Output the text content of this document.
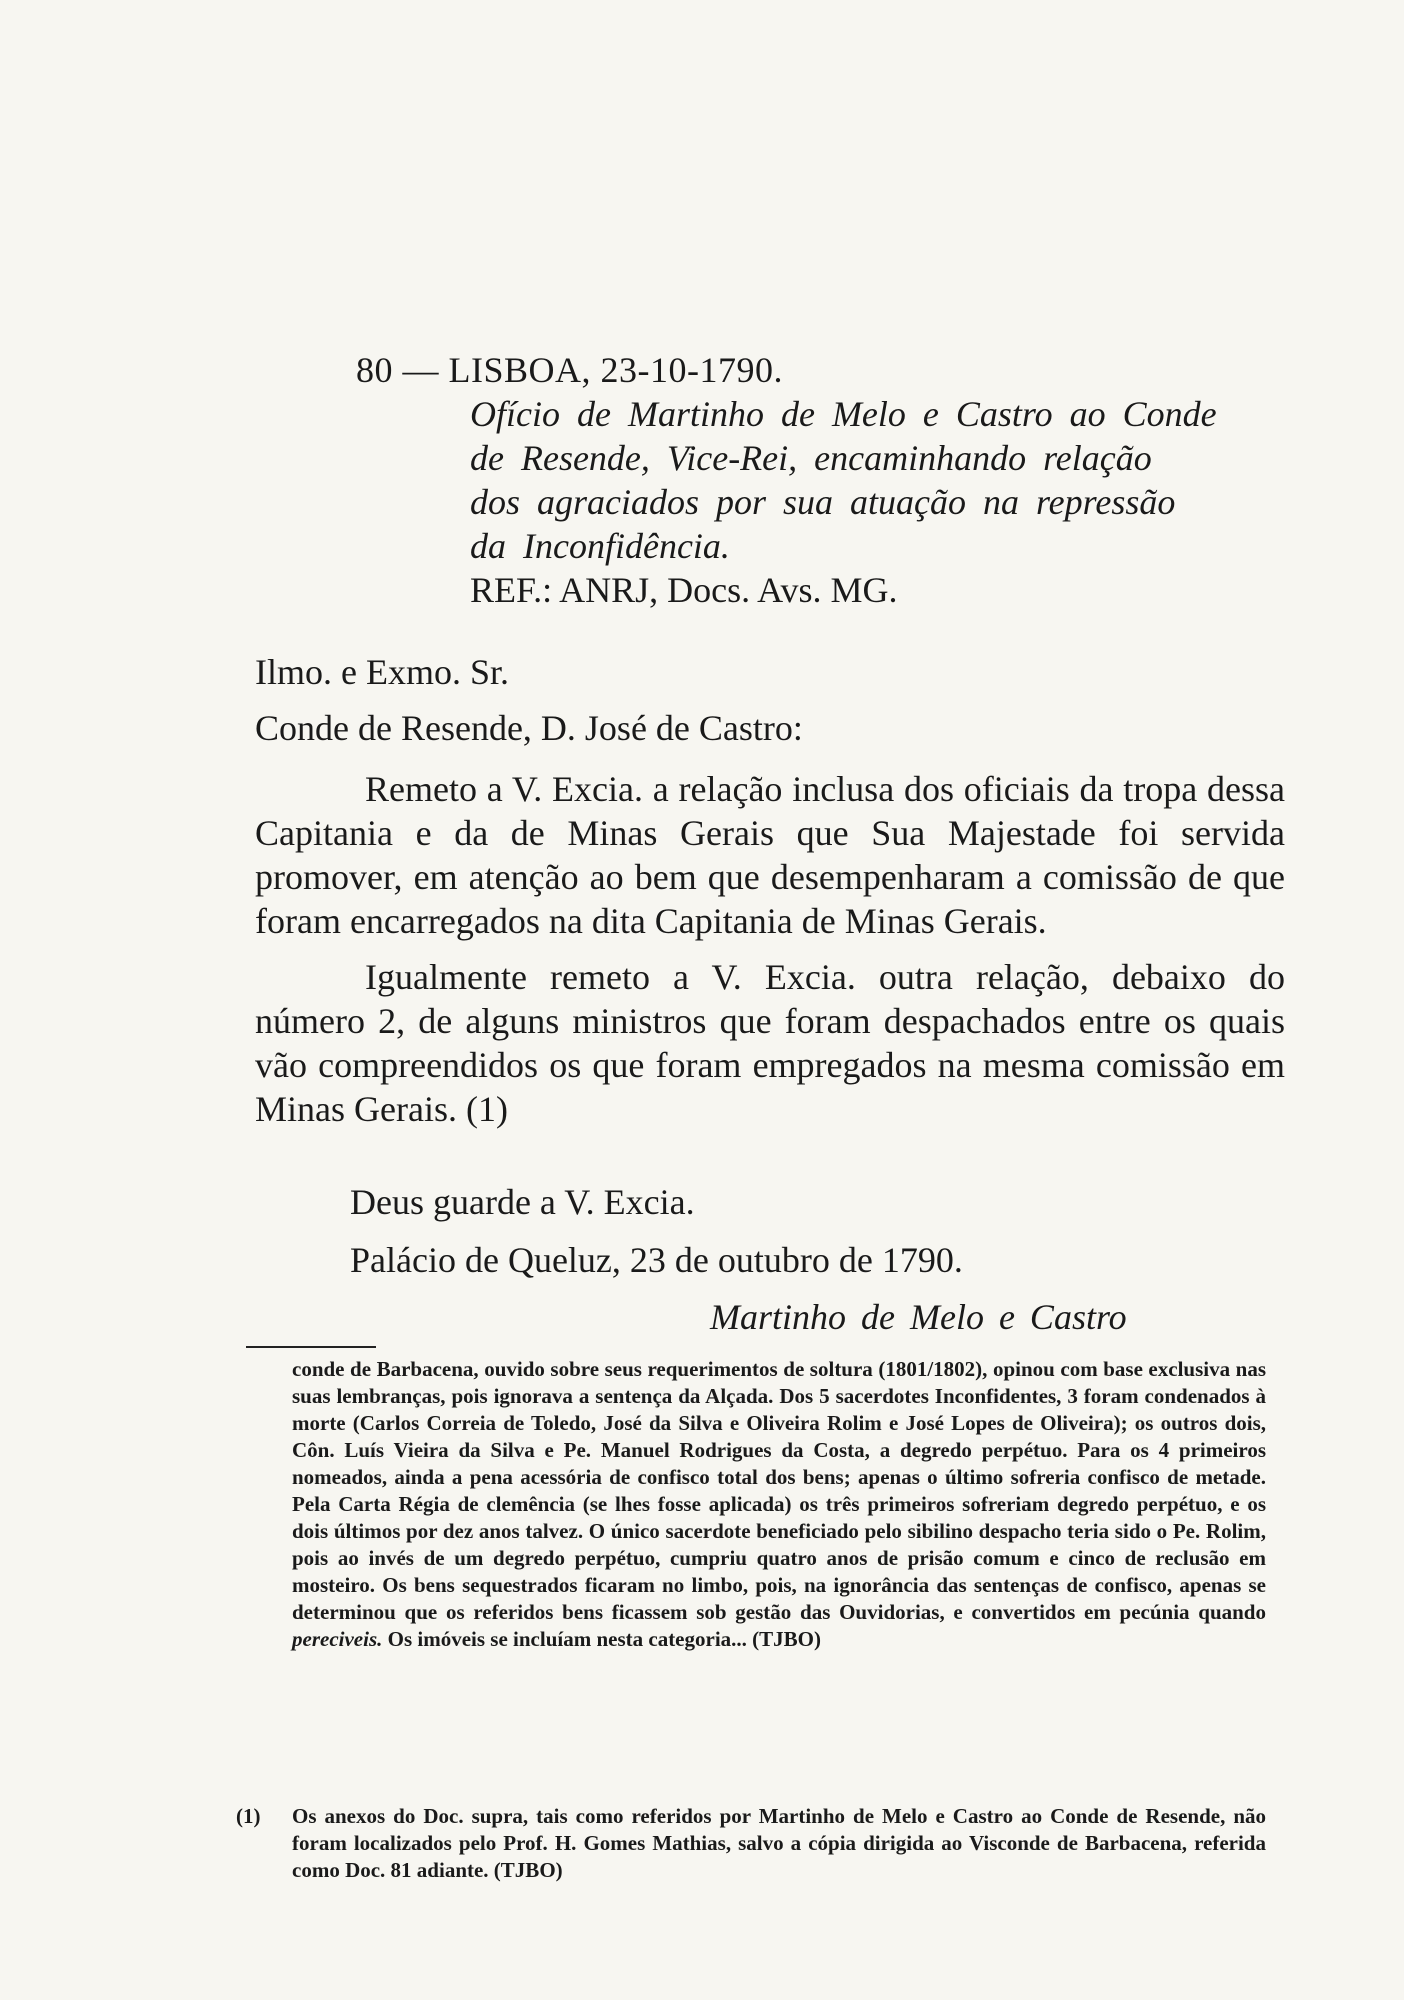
80 — LISBOA, 23-10-1790.
Ofício de Martinho de Melo e Castro ao Conde
de Resende, Vice-Rei, encaminhando relação
dos agraciados por sua atuação na repressão
da Inconfidência.
REF.: ANRJ, Docs. Avs. MG.
Ilmo. e Exmo. Sr.
Conde de Resende, D. José de Castro:

Remeto a V. Excia. a relação inclusa dos oficiais da tropa dessa Capitania e da de Minas Gerais que Sua Majestade foi servida promover, em atenção ao bem que desempenharam a comissão de que foram encarregados na dita Capitania de Minas Gerais.

Igualmente remeto a V. Excia. outra relação, debaixo do número 2, de alguns ministros que foram despachados entre os quais vão compreendidos os que foram empregados na mesma comissão em Minas Gerais. (1)

Deus guarde a V. Excia.
Palácio de Queluz, 23 de outubro de 1790.
Martinho de Melo e Castro
conde de Barbacena, ouvido sobre seus requerimentos de soltura (1801/1802), opinou com base exclusiva nas suas lembranças, pois ignorava a sentença da Alçada. Dos 5 sacerdotes Inconfidentes, 3 foram condenados à morte (Carlos Correia de Toledo, José da Silva e Oliveira Rolim e José Lopes de Oliveira); os outros dois, Côn. Luís Vieira da Silva e Pe. Manuel Rodrigues da Costa, a degredo perpétuo. Para os 4 primeiros nomeados, ainda a pena acessória de confisco total dos bens; apenas o último sofreria confisco de metade. Pela Carta Régia de clemência (se lhes fosse aplicada) os três primeiros sofreriam degredo perpétuo, e os dois últimos por dez anos talvez. O único sacerdote beneficiado pelo sibilino despacho teria sido o Pe. Rolim, pois ao invés de um degredo perpétuo, cumpriu quatro anos de prisão comum e cinco de reclusão em mosteiro. Os bens sequestrados ficaram no limbo, pois, na ignorância das sentenças de confisco, apenas se determinou que os referidos bens ficassem sob gestão das Ouvidorias, e convertidos em pecúnia quando pereciveis. Os imóveis se incluíam nesta categoria... (TJBO)
(1) Os anexos do Doc. supra, tais como referidos por Martinho de Melo e Castro ao Conde de Resende, não foram localizados pelo Prof. H. Gomes Mathias, salvo a cópia dirigida ao Visconde de Barbacena, referida como Doc. 81 adiante. (TJBO)
